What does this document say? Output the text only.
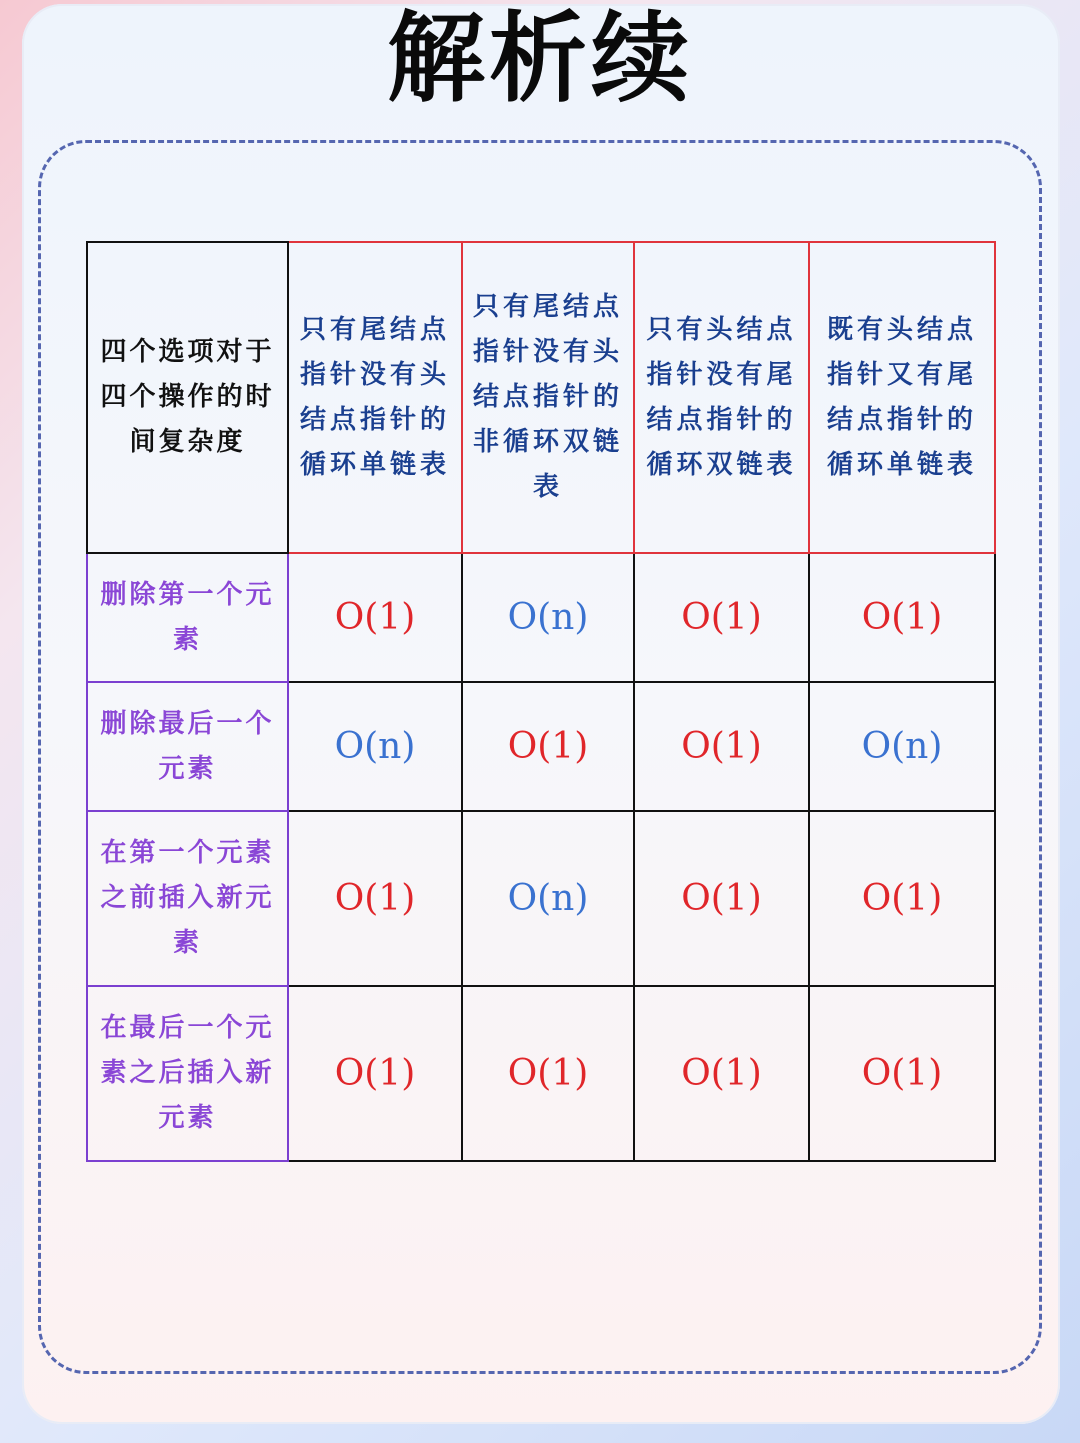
解析续
四个选项对于四个操作的时间复杂度	只有尾结点指针没有头结点指针的循环单链表	只有尾结点指针没有头结点指针的非循环双链表	只有头结点指针没有尾结点指针的循环双链表	既有头结点指针又有尾结点指针的循环单链表
删除第一个元素	O(1)	O(n)	O(1)	O(1)
删除最后一个元素	O(n)	O(1)	O(1)	O(n)
在第一个元素之前插入新元素	O(1)	O(n)	O(1)	O(1)
在最后一个元素之后插入新元素	O(1)	O(1)	O(1)	O(1)
